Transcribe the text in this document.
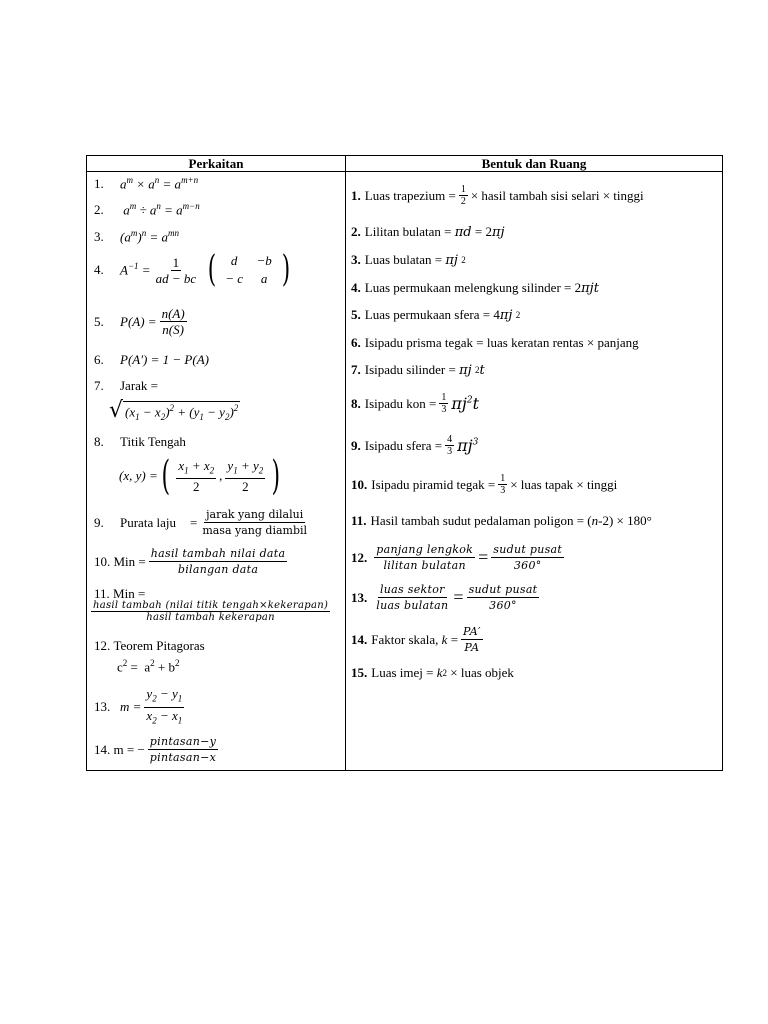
Perkaitan	Bentuk dan Ruang
1.	$a^m \times a^n = a^{m+n}$
2.	$a^m \div a^n = a^{m-n}$
3.	$(a^m)^n = a^{mn}$
4.	$A^{-1} = \frac{1}{ad - bc}$ (	d	−b
− c	a )
5.	$P(A) = \frac{n(A)}{n(S)}$
6.	P(A′) = 1 − P(A)
7.	Jarak =
√ $(x_1 - x_2)^2 + (y_1 - y_2)^2$
8.	Titik Tengah
(x, y) = ( $\frac{x_1 + x_2}{2}$ , $\frac{y_1 + y_2}{2}$ )
9.	Purata laju = $\frac{\text{jarak yang dilalui}}{\text{masa yang diambil}}$
10.
Min = $\frac{\text{hasil tambah nilai data}}{\text{bilangan data}}$
11.
Min =
$\frac{\text{hasil tambah (nilai titik tengah×kekerapan)}}{\text{hasil tambah kekerapan}}$
12.
Teorem Pitagoras
$c^2 = a^2 + b^2$
13. $m = \frac{y_2 - y_1}{x_2 - x_1}$
14.
m = − $\frac{\text{pintasan−y}}{\text{pintasan−x}}$
1. Luas trapezium = $\frac{1}{2}$ × hasil tambah sisi selari × tinggi
2. Lilitan bulatan =
πd = 2 πj
3. Luas bulatan =
πj
2
4. Luas permukaan melengkung silinder = 2 πjt
5. Luas permukaan sfera = 4 πj
2
6. Isipadu prisma tegak = luas keratan rentas × panjang
7. Isipadu silinder =
πj
2 t
8. Isipadu kon = $\frac{1}{3} \pi j^2t$
9. Isipadu sfera = $\frac{4}{3} \pi j^3$
10. Isipadu piramid tegak = $\frac{1}{3}$ × luas tapak × tinggi
11. Hasil tambah sudut pedalaman poligon = ( n -2) × 180°
12. $\frac{\text{panjang lengkok}}{\text{lilitan bulatan}} = \frac{\text{sudut pusat}}{360^\circ}$
13. $\frac{\text{luas sektor}}{\text{luas bulatan}} = \frac{\text{sudut pusat}}{360^\circ}$
14. Faktor skala,
$k = \frac{PA'}{PA}$
15. Luas imej =
k 2
× luas objek
